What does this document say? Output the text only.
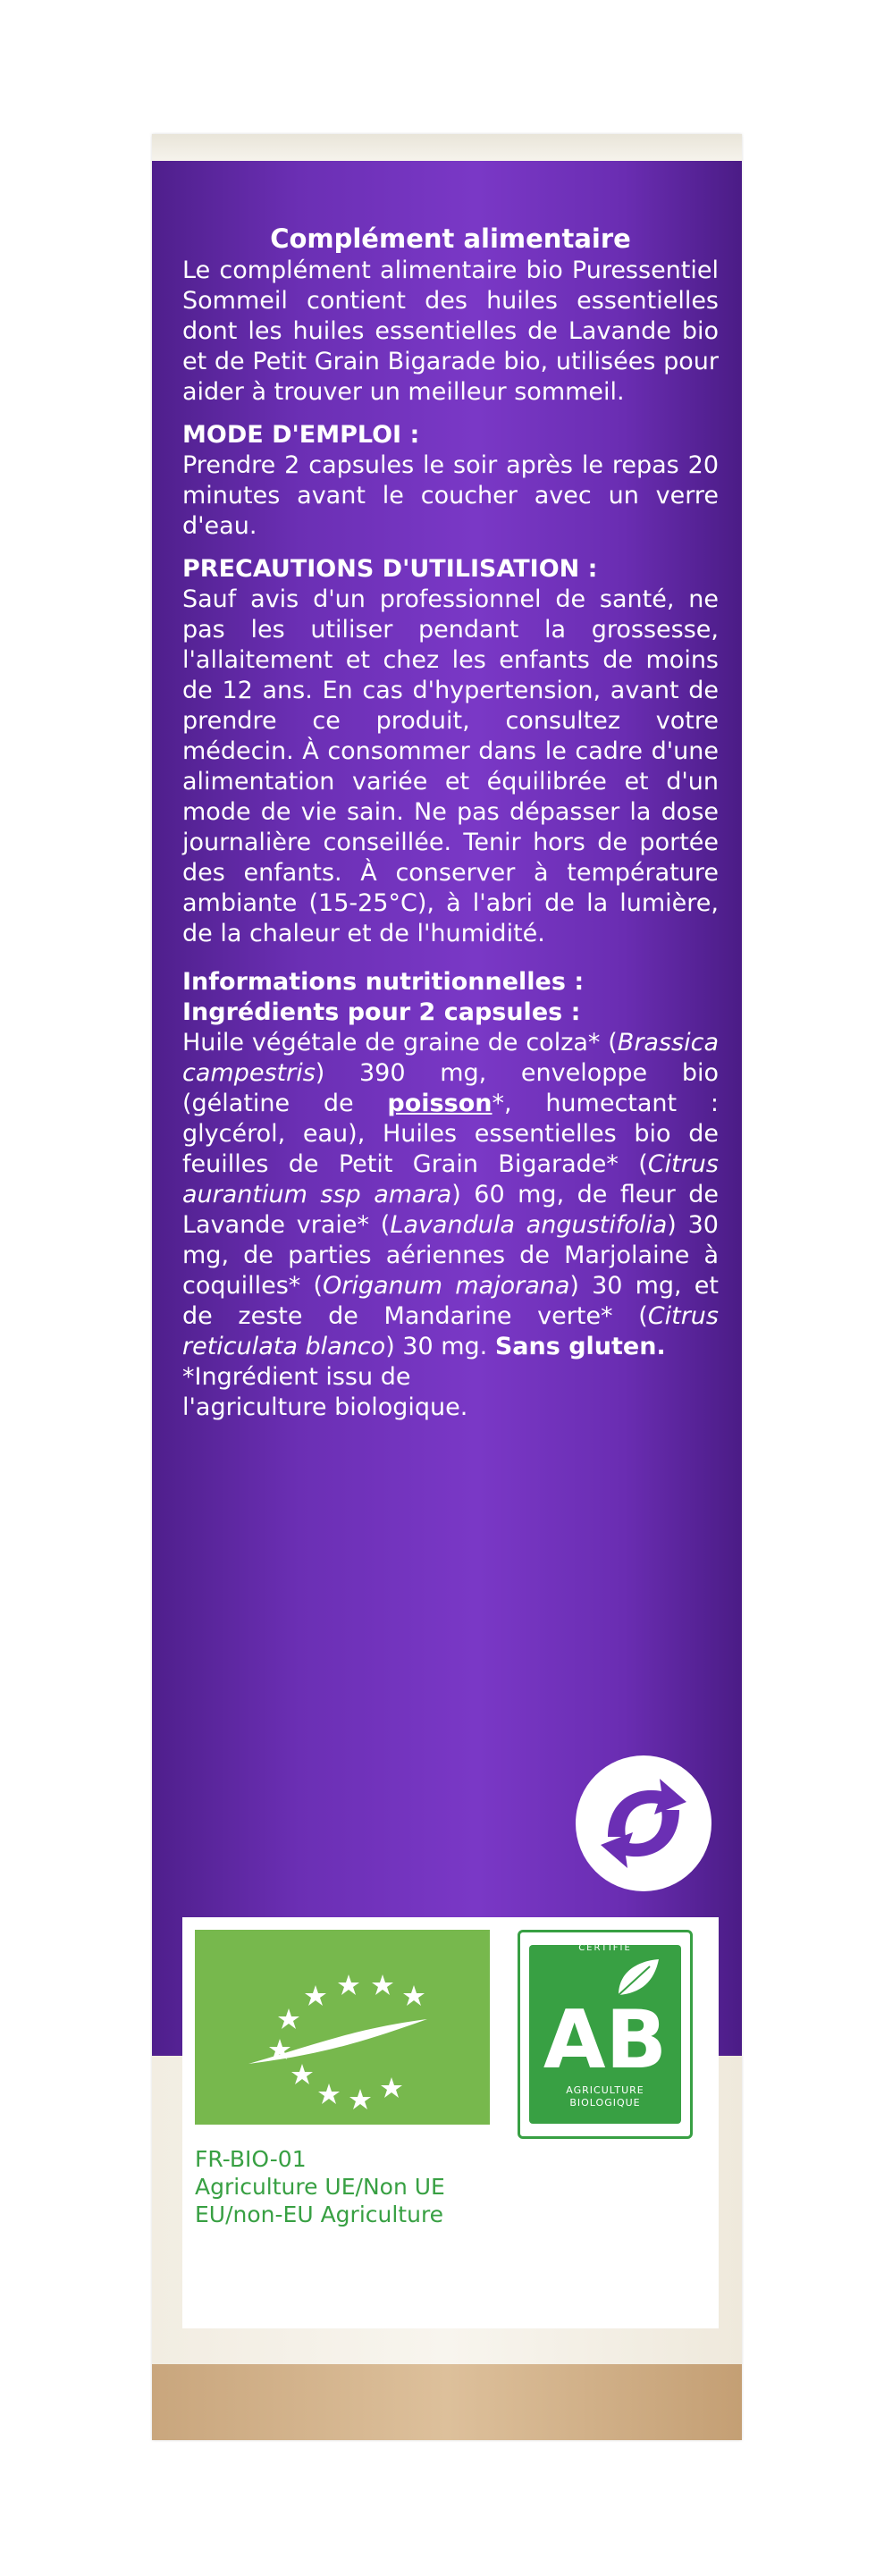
Complément alimentaire

Le complément alimentaire bio Puressentiel Sommeil contient des huiles essentielles dont les huiles essentielles de Lavande bio et de Petit Grain Bigarade bio, utilisées pour aider à trouver un meilleur sommeil.

MODE D'EMPLOI :

Prendre 2 capsules le soir après le repas 20 minutes avant le coucher avec un verre d'eau.

PRECAUTIONS D'UTILISATION :

Sauf avis d'un professionnel de santé, ne pas les utiliser pendant la grossesse, l'allaitement et chez les enfants de moins de 12 ans. En cas d'hypertension, avant de prendre ce produit, consultez votre médecin. À consommer dans le cadre d'une alimentation variée et équilibrée et d'un mode de vie sain. Ne pas dépasser la dose journalière conseillée. Tenir hors de portée des enfants. À conserver à température ambiante (15-25°C), à l'abri de la lumière, de la chaleur et de l'humidité.

Informations nutritionnelles :

Ingrédients pour 2 capsules :

Huile végétale de graine de colza* (Brassica campestris) 390 mg, enveloppe bio (gélatine de poisson*, humectant : glycérol, eau), Huiles essentielles bio de feuilles de Petit Grain Bigarade* (Citrus aurantium ssp amara) 60 mg, de fleur de Lavande vraie* (Lavandula angustifolia) 30 mg, de parties aériennes de Marjolaine à coquilles* (Origanum majorana) 30 mg, et de zeste de Mandarine verte* (Citrus reticulata blanco) 30 mg. Sans gluten.

*Ingrédient issu de l'agriculture biologique.

CERTIFIÉ
AB
AGRICULTURE
BIOLOGIQUE
FR-BIO-01
Agriculture UE/Non UE
EU/non-EU Agriculture
